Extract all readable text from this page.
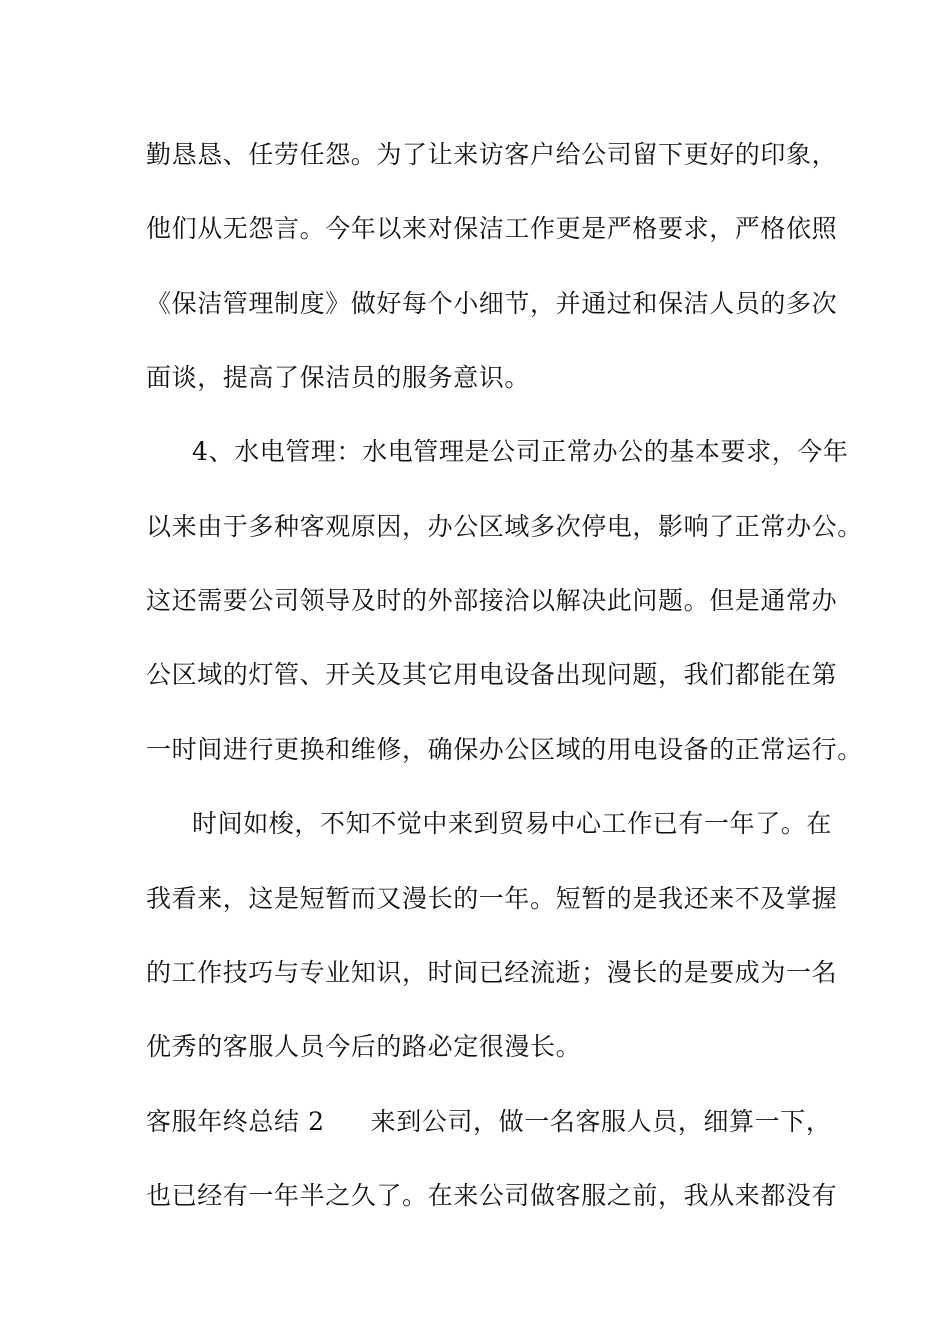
勤恳恳、任劳任怨。为了让来访客户给公司留下更好的印象，
他们从无怨言。今年以来对保洁工作更是严格要求，严格依照
《保洁管理制度》做好每个小细节，并通过和保洁人员的多次
面谈，提高了保洁员的服务意识。
4、水电管理：水电管理是公司正常办公的基本要求，今年
以来由于多种客观原因，办公区域多次停电，影响了正常办公。
这还需要公司领导及时的外部接洽以解决此问题。但是通常办
公区域的灯管、开关及其它用电设备出现问题，我们都能在第
一时间进行更换和维修，确保办公区域的用电设备的正常运行。
时间如梭，不知不觉中来到贸易中心工作已有一年了。在
我看来，这是短暂而又漫长的一年。短暂的是我还来不及掌握
的工作技巧与专业知识，时间已经流逝；漫长的是要成为一名
优秀的客服人员今后的路必定很漫长。
客服年终总结 2 来到公司，做一名客服人员，细算一下，
也已经有一年半之久了。在来公司做客服之前，我从来都没有
